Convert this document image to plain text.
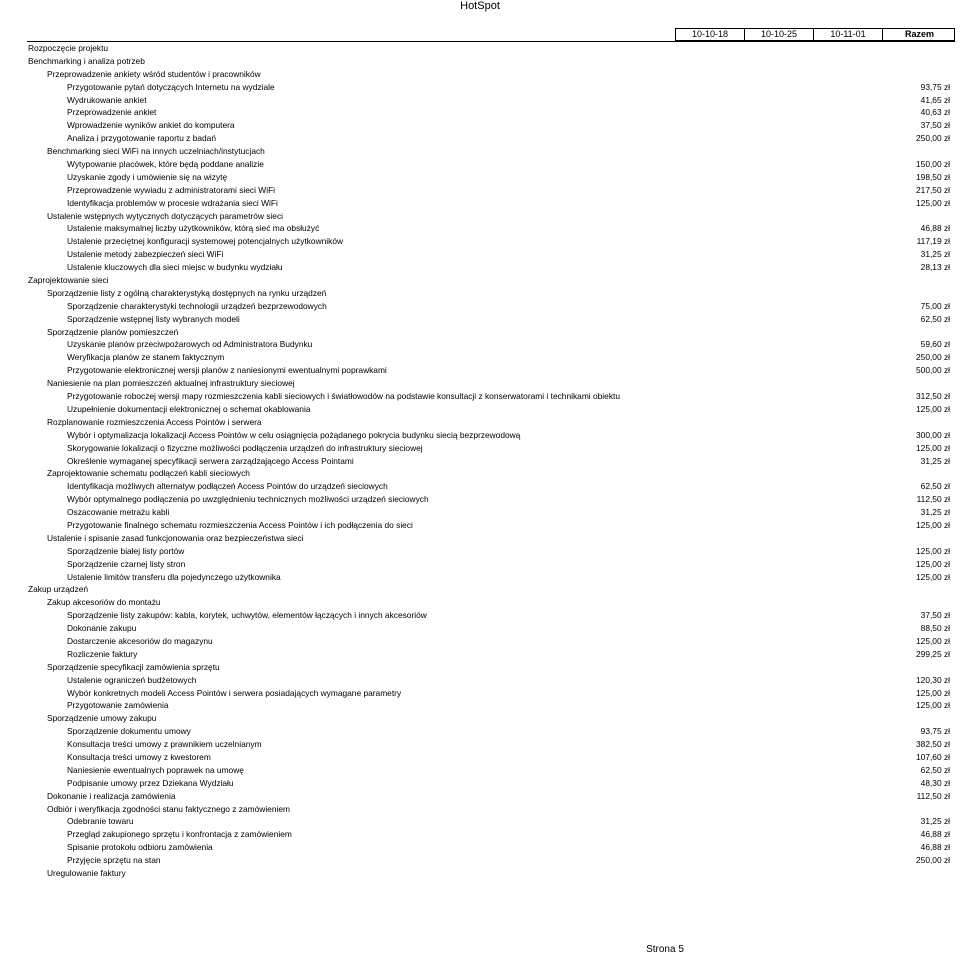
HotSpot
10-10-18	10-10-25	10-11-01	Razem
Rozpoczęcie projektu
Benchmarking i analiza potrzeb
Przeprowadzenie ankiety wśród studentów i pracowników
Przygotowanie pytań dotyczących Internetu na wydziale	93,75 zł
Wydrukowanie ankiet	41,65 zł
Przeprowadzenie ankiet	40,63 zł
Wprowadzenie wyników ankiet do komputera	37,50 zł
Analiza i przygotowanie raportu z badań	250,00 zł
Benchmarking sieci WiFi na innych uczelniach/instytucjach
Wytypowanie placówek, które będą poddane analizie	150,00 zł
Uzyskanie zgody i umówienie się na wizytę	198,50 zł
Przeprowadzenie wywiadu z administratorami sieci WiFi	217,50 zł
Identyfikacja problemów w procesie wdrażania sieci WiFi	125,00 zł
Ustalenie wstępnych wytycznych dotyczących parametrów sieci
Ustalenie maksymalnej liczby użytkowników, którą sieć ma obsłużyć	46,88 zł
Ustalenie przeciętnej konfiguracji systemowej potencjalnych użytkowników	117,19 zł
Ustalenie metody zabezpieczeń sieci WiFi	31,25 zł
Ustalenie kluczowych dla sieci miejsc w budynku wydziału	28,13 zł
Zaprojektowanie sieci
Sporządzenie listy z ogólną charakterystyką dostępnych na rynku urządzeń
Sporządzenie charakterystyki technologii urządzeń bezprzewodowych	75,00 zł
Sporządzenie wstępnej listy wybranych modeli	62,50 zł
Sporządzenie planów pomieszczeń
Uzyskanie planów przeciwpożarowych od Administratora Budynku	59,60 zł
Weryfikacja planów ze stanem faktycznym	250,00 zł
Przygotowanie elektronicznej wersji planów z naniesionymi ewentualnymi poprawkami	500,00 zł
Naniesienie na plan pomieszczeń aktualnej infrastruktury sieciowej
Przygotowanie roboczej wersji mapy rozmieszczenia kabli sieciowych i światłowodów na podstawie konsultacji z konserwatorami i technikami obiektu	312,50 zł
Uzupełnienie dokumentacji elektronicznej o schemat okablowania	125,00 zł
Rozplanowanie rozmieszczenia Access Pointów i serwera
Wybór i optymalizacja lokalizacji Access Pointów w celu osiągnięcia pożądanego pokrycia budynku siecią bezprzewodową	300,00 zł
Skorygowanie lokalizacji o fizyczne możliwości podłączenia urządzeń do infrastruktury sieciowej	125,00 zł
Określenie wymaganej specyfikacji serwera zarządzającego Access Pointami	31,25 zł
Zaprojektowanie schematu podłączeń kabli sieciowych
Identyfikacja możliwych alternatyw podłączeń Access Pointów do urządzeń sieciowych	62,50 zł
Wybór optymalnego podłączenia po uwzględnieniu technicznych możliwości urządzeń sieciowych	112,50 zł
Oszacowanie metrażu kabli	31,25 zł
Przygotowanie finalnego schematu rozmieszczenia Access Pointów i ich podłączenia do sieci	125,00 zł
Ustalenie i spisanie zasad funkcjonowania oraz bezpieczeństwa sieci
Sporządzenie białej listy portów	125,00 zł
Sporządzenie czarnej listy stron	125,00 zł
Ustalenie limitów transferu dla pojedynczego użytkownika	125,00 zł
Zakup urządzeń
Zakup akcesoriów do montażu
Sporządzenie listy zakupów: kabla, korytek, uchwytów, elementów łączących i innych akcesoriów	37,50 zł
Dokonanie zakupu	88,50 zł
Dostarczenie akcesoriów do magazynu	125,00 zł
Rozliczenie faktury	299,25 zł
Sporządzenie specyfikacji zamówienia sprzętu
Ustalenie ograniczeń budżetowych	120,30 zł
Wybór konkretnych modeli Access Pointów i serwera posiadających wymagane parametry	125,00 zł
Przygotowanie zamówienia	125,00 zł
Sporządzenie umowy zakupu
Sporządzenie dokumentu umowy	93,75 zł
Konsultacja treści umowy z prawnikiem uczelnianym	382,50 zł
Konsultacja treści umowy z kwestorem	107,60 zł
Naniesienie ewentualnych poprawek na umowę	62,50 zł
Podpisanie umowy przez Dziekana Wydziału	48,30 zł
Dokonanie i realizacja zamówienia	112,50 zł
Odbiór i weryfikacja zgodności stanu faktycznego z zamówieniem
Odebranie towaru	31,25 zł
Przegląd zakupionego sprzętu i konfrontacja z zamówieniem	46,88 zł
Spisanie protokołu odbioru zamówienia	46,88 zł
Przyjęcie sprzętu na stan	250,00 zł
Uregulowanie faktury
Strona 5
